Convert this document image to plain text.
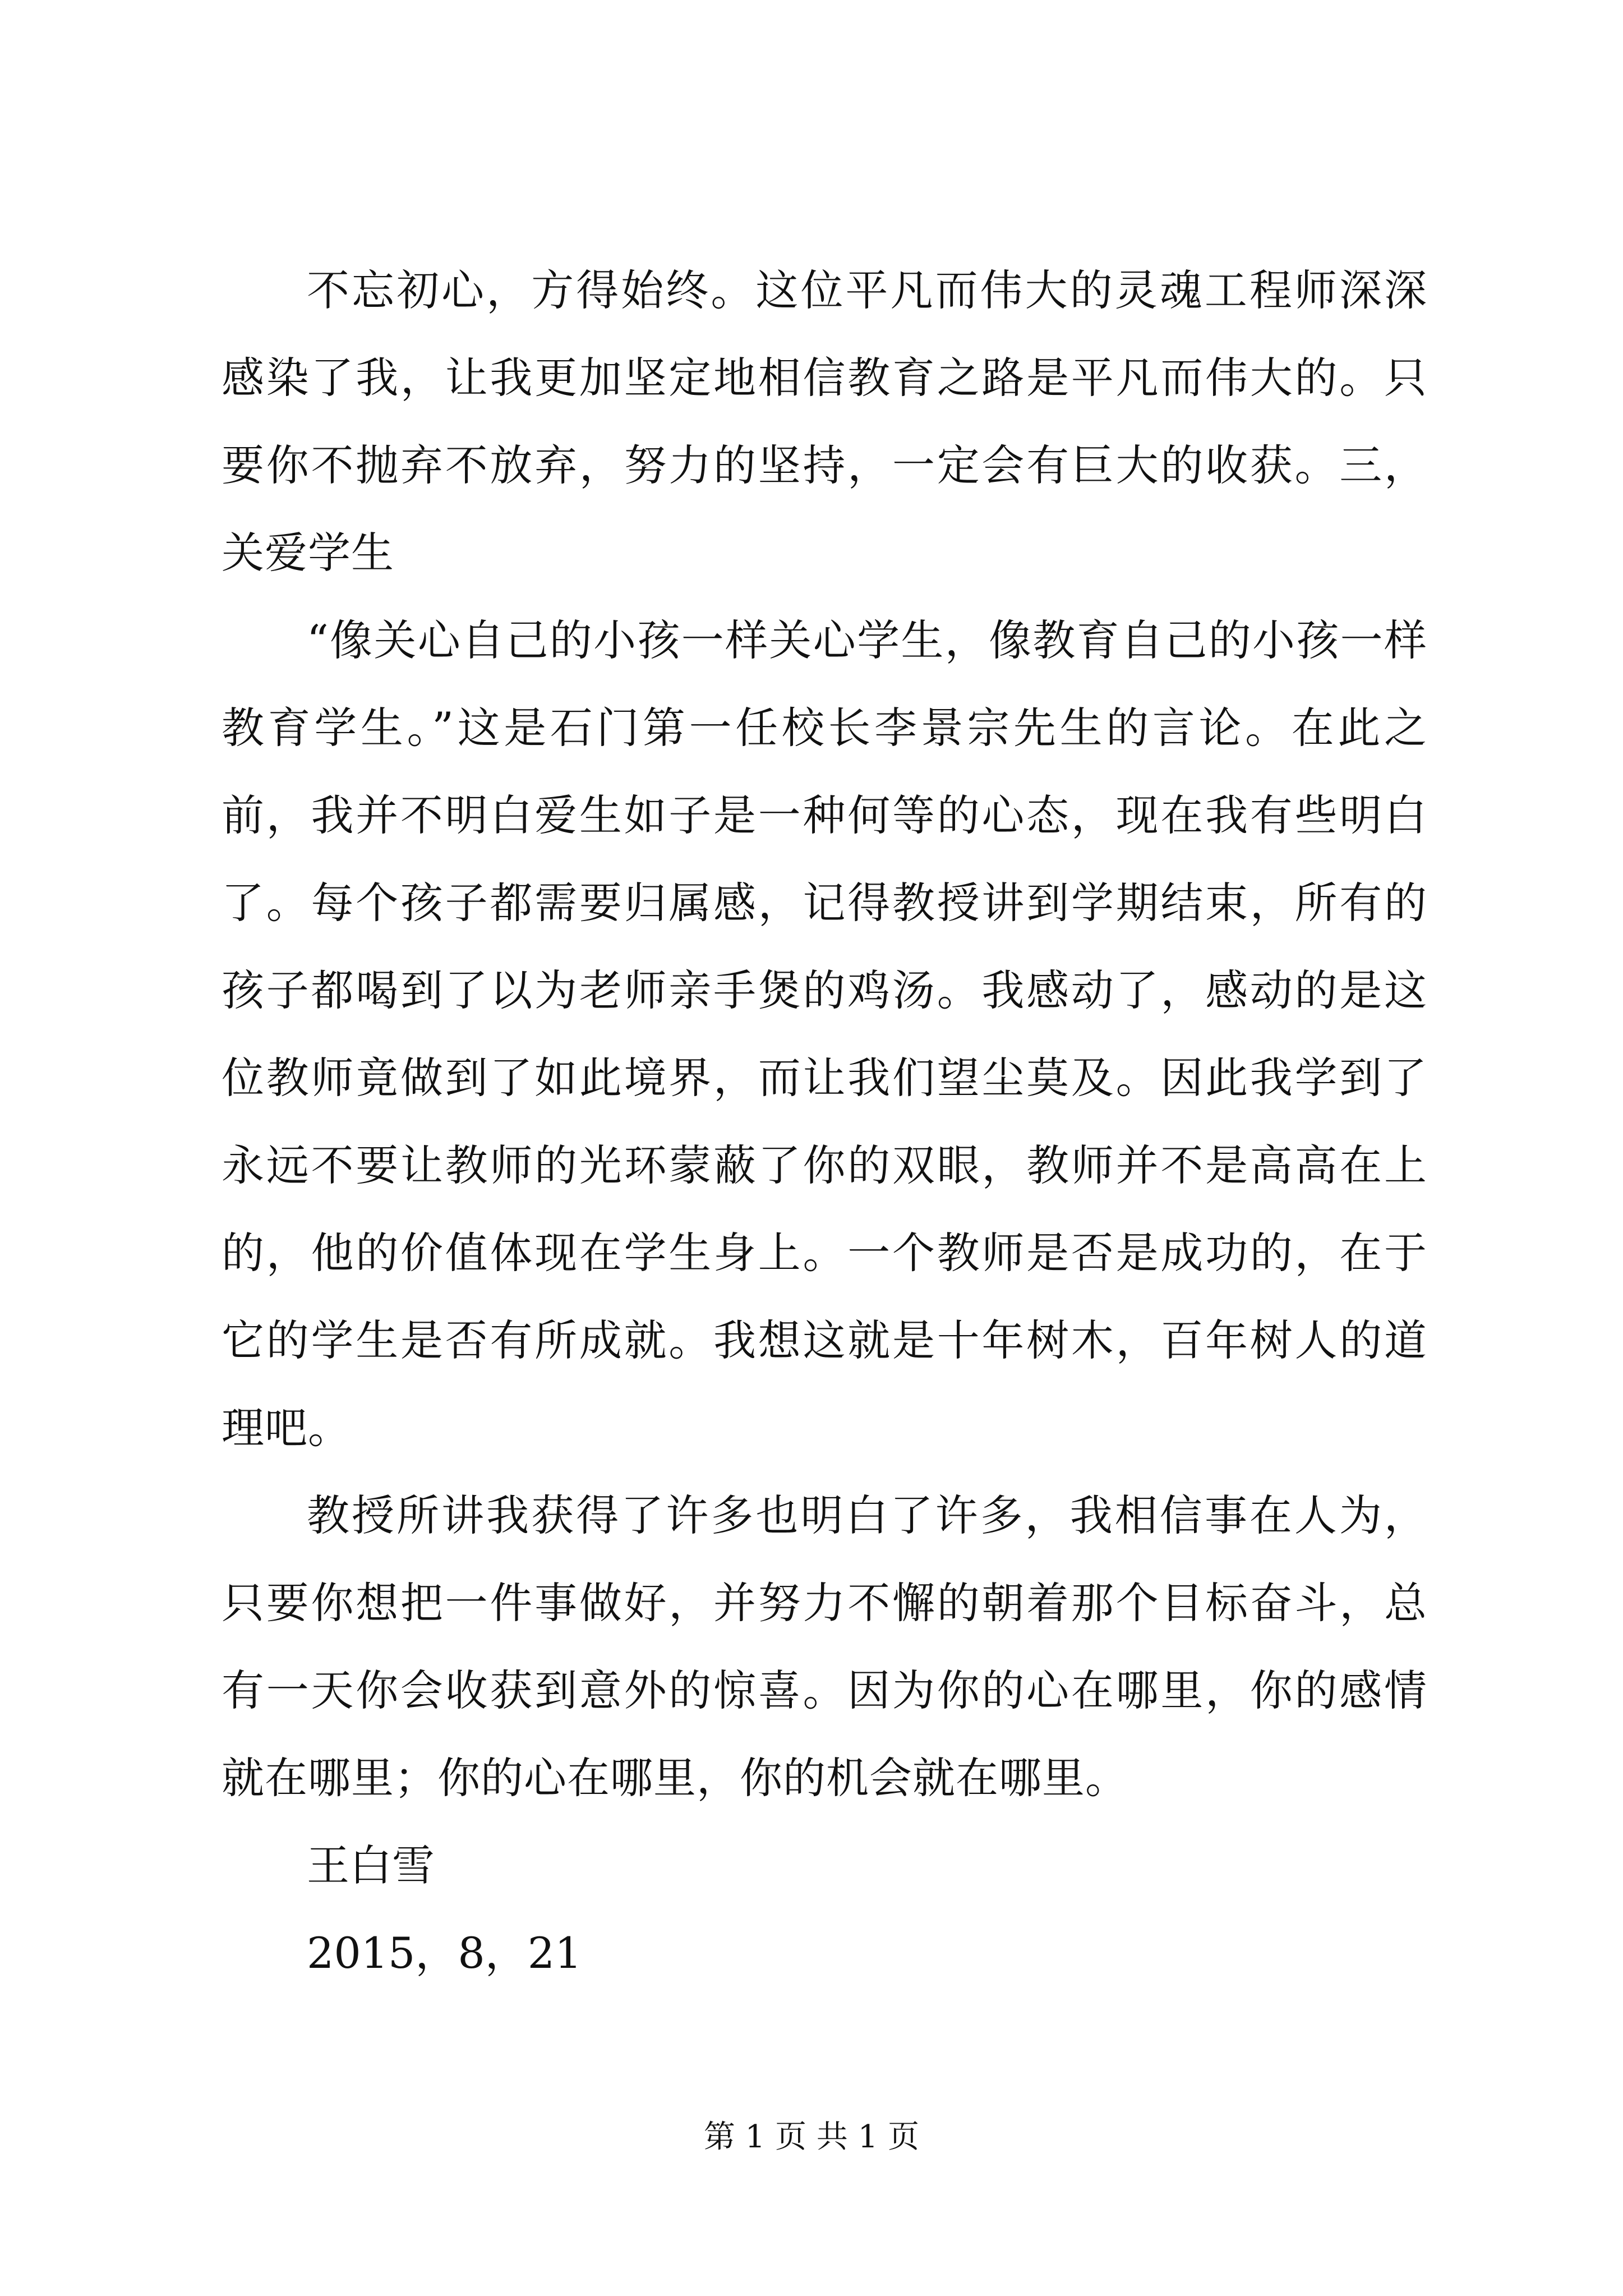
不忘初心，方得始终。这位平凡而伟大的灵魂工程师深深感染了我，让我更加坚定地相信教育之路是平凡而伟大的。只要你不抛弃不放弃，努力的坚持，一定会有巨大的收获。三，关爱学生

“像关心自己的小孩一样关心学生，像教育自己的小孩一样教育学生。”这是石门第一任校长李景宗先生的言论。在此之前，我并不明白爱生如子是一种何等的心态，现在我有些明白了。每个孩子都需要归属感，记得教授讲到学期结束，所有的孩子都喝到了以为老师亲手煲的鸡汤。我感动了，感动的是这位教师竟做到了如此境界，而让我们望尘莫及。因此我学到了永远不要让教师的光环蒙蔽了你的双眼，教师并不是高高在上的，他的价值体现在学生身上。一个教师是否是成功的，在于它的学生是否有所成就。我想这就是十年树木，百年树人的道理吧。

教授所讲我获得了许多也明白了许多，我相信事在人为，只要你想把一件事做好，并努力不懈的朝着那个目标奋斗，总有一天你会收获到意外的惊喜。因为你的心在哪里，你的感情就在哪里；你的心在哪里，你的机会就在哪里。

王白雪

2015，8，21

第 1 页 共 1 页
